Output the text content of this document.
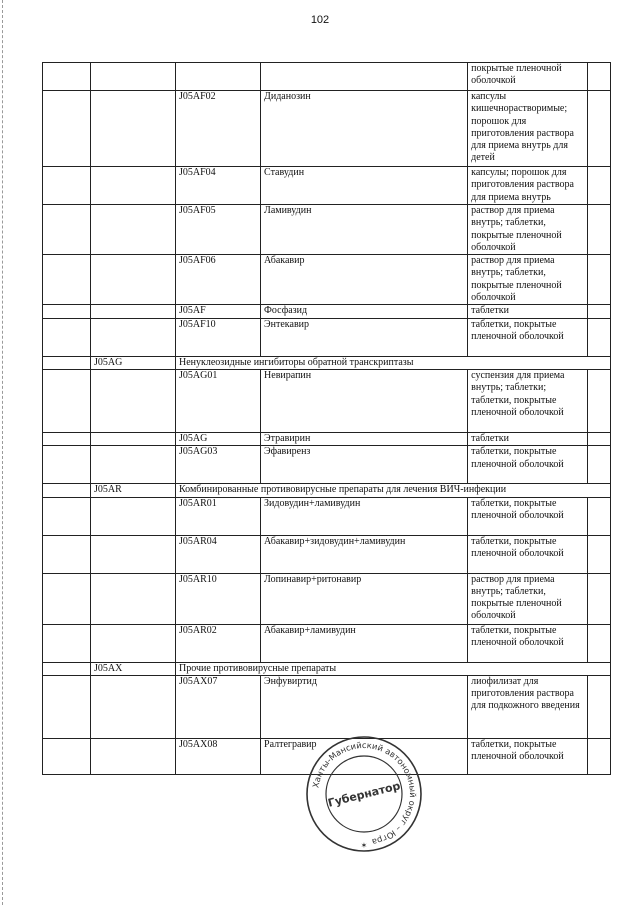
102
				покрытые пленочной оболочкой	
		J05AF02	Диданозин	капсулы кишечнорастворимые; порошок для приготовления раствора для приема внутрь для детей	
		J05AF04	Ставудин	капсулы; порошок для приготовления раствора для приема внутрь	
		J05AF05	Ламивудин	раствор для приема внутрь; таблетки, покрытые пленочной оболочкой	
		J05AF06	Абакавир	раствор для приема внутрь; таблетки, покрытые пленочной оболочкой	
		J05AF	Фосфазид	таблетки	
		J05AF10	Энтекавир	таблетки, покрытые пленочной оболочкой	
	J05AG	Ненуклеозидные ингибиторы обратной транскриптазы			
		J05AG01	Невирапин	суспензия для приема внутрь; таблетки; таблетки, покрытые пленочной оболочкой	
		J05AG	Этравирин	таблетки	
		J05AG03	Эфавиренз	таблетки, покрытые пленочной оболочкой	
	J05AR	Комбинированные противовирусные препараты для лечения ВИЧ-инфекции			
		J05AR01	Зидовудин+ламивудин	таблетки, покрытые пленочной оболочкой	
		J05AR04	Абакавир+зидовудин+ламивудин	таблетки, покрытые пленочной оболочкой	
		J05AR10	Лопинавир+ритонавир	раствор для приема внутрь; таблетки, покрытые пленочной оболочкой	
		J05AR02	Абакавир+ламивудин	таблетки, покрытые пленочной оболочкой	
	J05AX	Прочие противовирусные препараты			
		J05AX07	Энфувиртид	лиофилизат для приготовления раствора для подкожного введения	
		J05AX08	Ралтегравир	таблетки, покрытые пленочной оболочкой	
Ханты-Мансийский автономный округ – Югра
Губернатор
✶
